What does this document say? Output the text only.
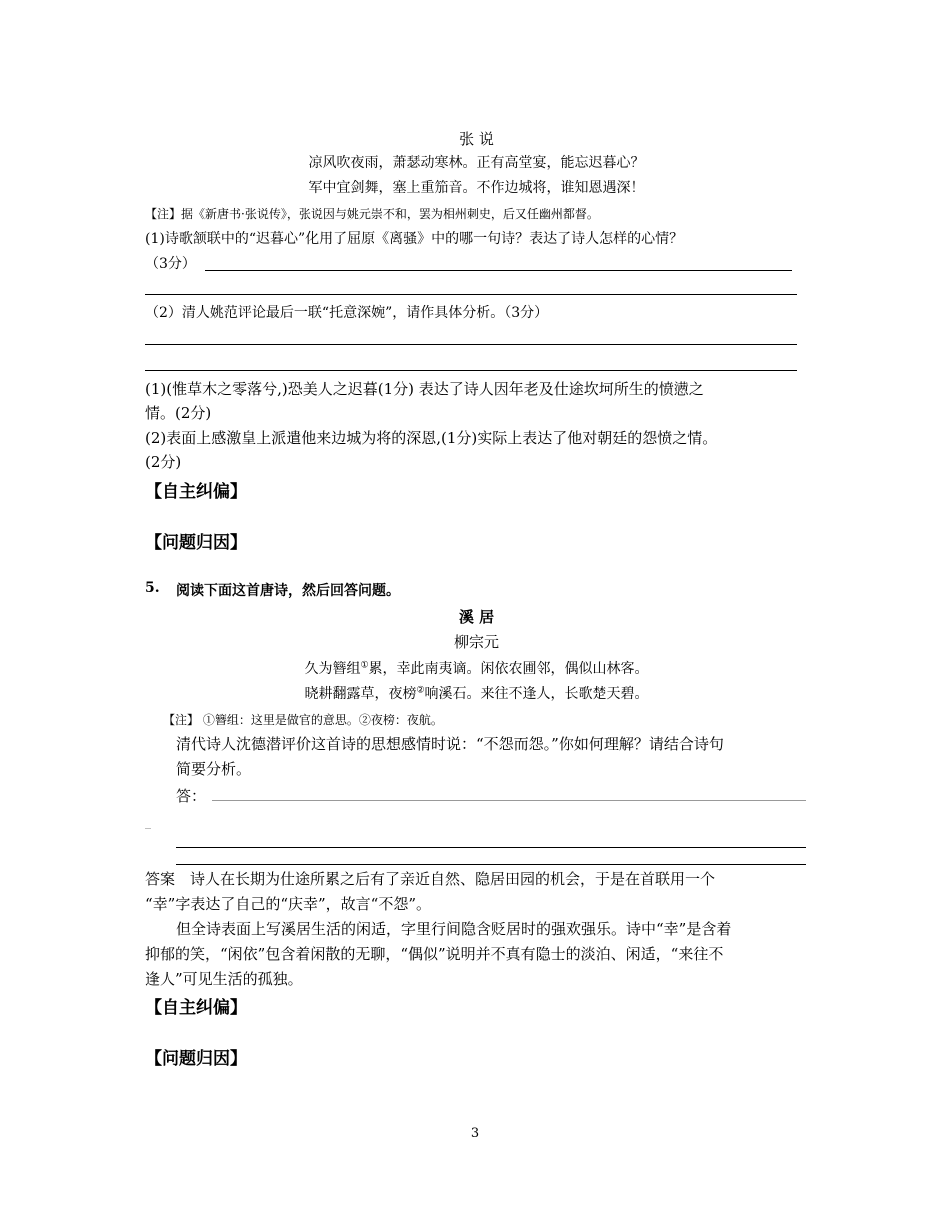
张 说
凉风吹夜雨，萧瑟动寒林。正有高堂宴，能忘迟暮心？
军中宜剑舞，塞上重笳音。不作边城将，谁知恩遇深！
【注】据《新唐书·张说传》，张说因与姚元崇不和，罢为相州刺史，后又任幽州都督。
(1)诗歌颔联中的“迟暮心”化用了屈原《离骚》中的哪一句诗？表达了诗人怎样的心情？
（3分）
（2）清人姚范评论最后一联“托意深婉”，请作具体分析。（3分）
(1)(惟草木之零落兮,)恐美人之迟暮(1分) 表达了诗人因年老及仕途坎坷所生的愤懑之
情。(2分)
(2)表面上感激皇上派遣他来边城为将的深恩,(1分)实际上表达了他对朝廷的怨愤之情。
(2分)
【自主纠偏】
【问题归因】
5. 阅读下面这首唐诗，然后回答问题。
溪 居
柳宗元
久为簪组①累，幸此南夷谪。闲依农圃邻，偶似山林客。
晓耕翻露草，夜榜②响溪石。来往不逢人，长歌楚天碧。
【注】 ①簪组：这里是做官的意思。②夜榜：夜航。
清代诗人沈德潜评价这首诗的思想感情时说：“不怨而怨。”你如何理解？请结合诗句
简要分析。
答：
_
答案　诗人在长期为仕途所累之后有了亲近自然、隐居田园的机会，于是在首联用一个
“幸”字表达了自己的“庆幸”，故言“不怨”。
但全诗表面上写溪居生活的闲适，字里行间隐含贬居时的强欢强乐。诗中“幸”是含着
抑郁的笑，“闲依”包含着闲散的无聊，“偶似”说明并不真有隐士的淡泊、闲适，“来往不
逢人”可见生活的孤独。
【自主纠偏】
【问题归因】
3
